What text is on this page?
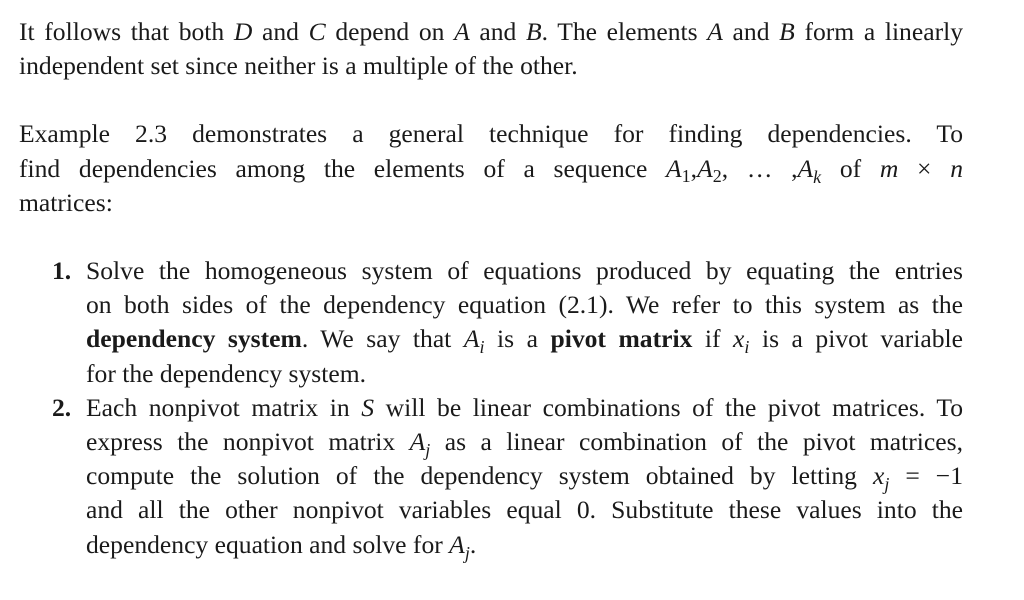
It follows that both D and C depend on A and B. The elements A and B form a linearly
independent set since neither is a multiple of the other.

Example 2.3 demonstrates a general technique for finding dependencies. To
find dependencies among the elements of a sequence $A_1,A_2$, … $,A_k$ of m × n
matrices:

1. Solve the homogeneous system of equations produced by equating the entries
on both sides of the dependency equation (2.1). We refer to this system as the
dependency system. We say that $A_i$ is a pivot matrix if $x_i$ is a pivot variable
for the dependency system.
2. Each nonpivot matrix in S will be linear combinations of the pivot matrices. To
express the nonpivot matrix $A_j$ as a linear combination of the pivot matrices,
compute the solution of the dependency system obtained by letting $x_j = -1$
and all the other nonpivot variables equal 0. Substitute these values into the
dependency equation and solve for $A_j$.
